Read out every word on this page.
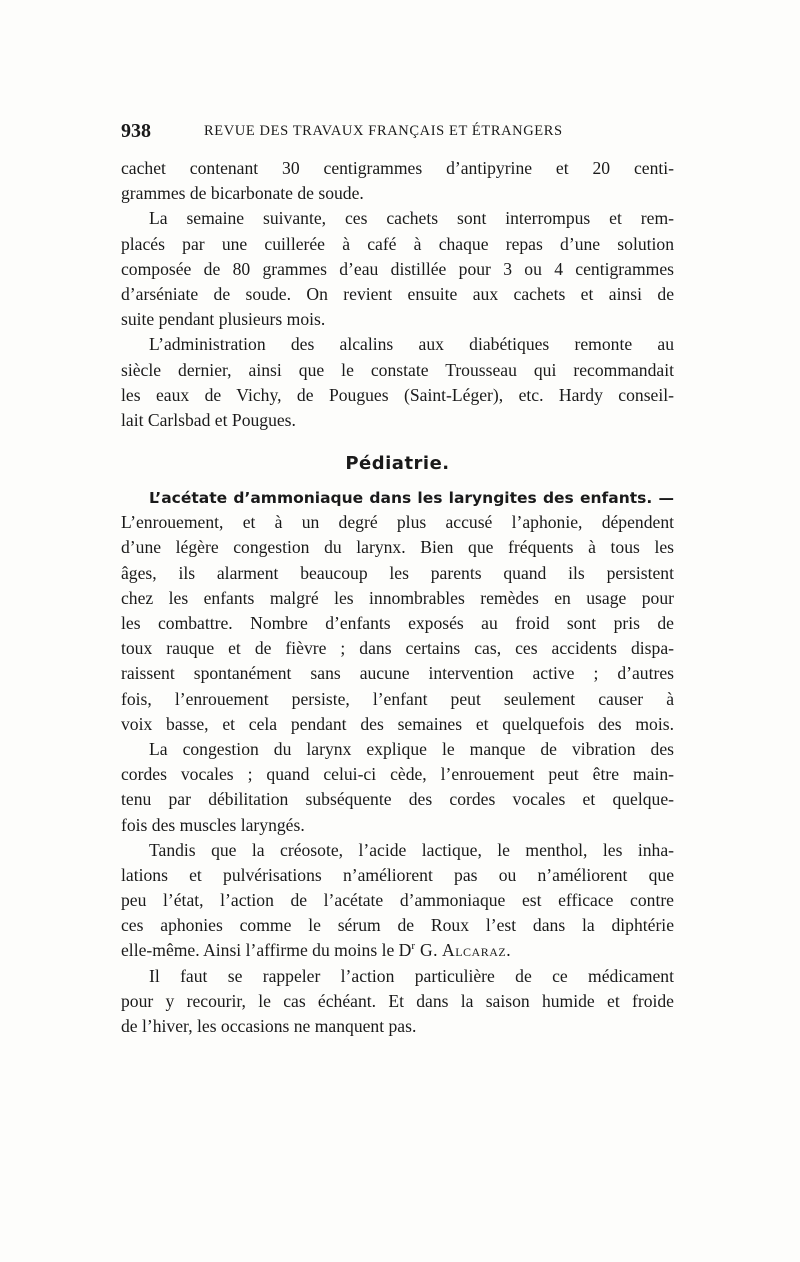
938	REVUE DES TRAVAUX FRANÇAIS ET ÉTRANGERS
cachet contenant 30 centigrammes d’antipyrine et 20 centi-
grammes de bicarbonate de soude.
La semaine suivante, ces cachets sont interrompus et rem-
placés par une cuillerée à café à chaque repas d’une solution
composée de 80 grammes d’eau distillée pour 3 ou 4 centigrammes
d’arséniate de soude. On revient ensuite aux cachets et ainsi de
suite pendant plusieurs mois.
L’administration des alcalins aux diabétiques remonte au
siècle dernier, ainsi que le constate Trousseau qui recommandait
les eaux de Vichy, de Pougues (Saint-Léger), etc. Hardy conseil-
lait Carlsbad et Pougues.
Pédiatrie.
L’acétate d’ammoniaque dans les laryngites des enfants. —
L’enrouement, et à un degré plus accusé l’aphonie, dépendent
d’une légère congestion du larynx. Bien que fréquents à tous les
âges, ils alarment beaucoup les parents quand ils persistent
chez les enfants malgré les innombrables remèdes en usage pour
les combattre. Nombre d’enfants exposés au froid sont pris de
toux rauque et de fièvre ; dans certains cas, ces accidents dispa-
raissent spontanément sans aucune intervention active ; d’autres
fois, l’enrouement persiste, l’enfant peut seulement causer à
voix basse, et cela pendant des semaines et quelquefois des mois.
La congestion du larynx explique le manque de vibration des
cordes vocales ; quand celui-ci cède, l’enrouement peut être main-
tenu par débilitation subséquente des cordes vocales et quelque-
fois des muscles laryngés.
Tandis que la créosote, l’acide lactique, le menthol, les inha-
lations et pulvérisations n’améliorent pas ou n’améliorent que
peu l’état, l’action de l’acétate d’ammoniaque est efficace contre
ces aphonies comme le sérum de Roux l’est dans la diphtérie
elle-même. Ainsi l’affirme du moins le $D^r$ G. Alcaraz.
Il faut se rappeler l’action particulière de ce médicament
pour y recourir, le cas échéant. Et dans la saison humide et froide
de l’hiver, les occasions ne manquent pas.
